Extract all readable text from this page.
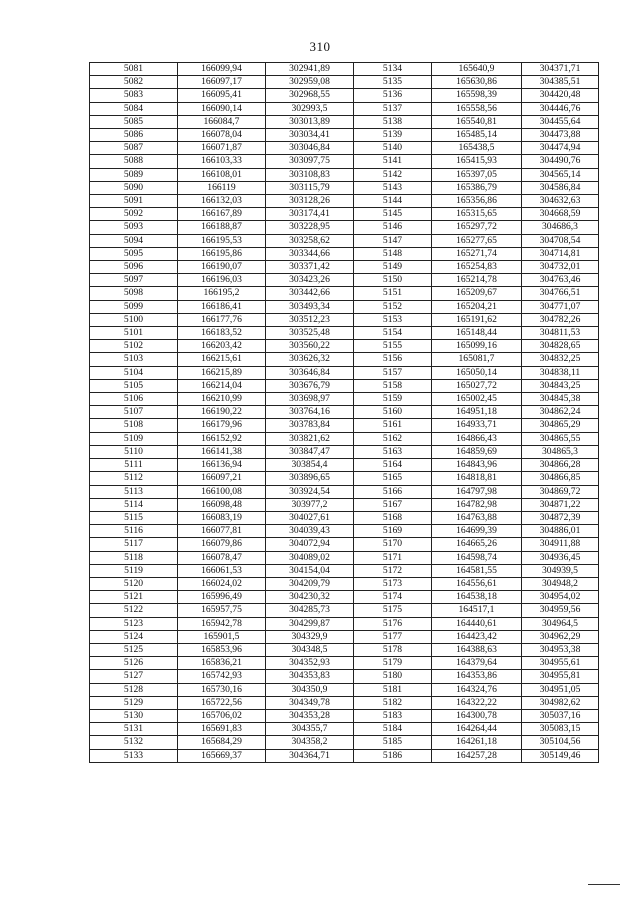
310
5081	166099,94	302941,89	5134	165640,9	304371,71
5082	166097,17	302959,08	5135	165630,86	304385,51
5083	166095,41	302968,55	5136	165598,39	304420,48
5084	166090,14	302993,5	5137	165558,56	304446,76
5085	166084,7	303013,89	5138	165540,81	304455,64
5086	166078,04	303034,41	5139	165485,14	304473,88
5087	166071,87	303046,84	5140	165438,5	304474,94
5088	166103,33	303097,75	5141	165415,93	304490,76
5089	166108,01	303108,83	5142	165397,05	304565,14
5090	166119	303115,79	5143	165386,79	304586,84
5091	166132,03	303128,26	5144	165356,86	304632,63
5092	166167,89	303174,41	5145	165315,65	304668,59
5093	166188,87	303228,95	5146	165297,72	304686,3
5094	166195,53	303258,62	5147	165277,65	304708,54
5095	166195,86	303344,66	5148	165271,74	304714,81
5096	166190,07	303371,42	5149	165254,83	304732,01
5097	166196,03	303423,26	5150	165214,78	304763,46
5098	166195,2	303442,66	5151	165209,67	304766,51
5099	166186,41	303493,34	5152	165204,21	304771,07
5100	166177,76	303512,23	5153	165191,62	304782,26
5101	166183,52	303525,48	5154	165148,44	304811,53
5102	166203,42	303560,22	5155	165099,16	304828,65
5103	166215,61	303626,32	5156	165081,7	304832,25
5104	166215,89	303646,84	5157	165050,14	304838,11
5105	166214,04	303676,79	5158	165027,72	304843,25
5106	166210,99	303698,97	5159	165002,45	304845,38
5107	166190,22	303764,16	5160	164951,18	304862,24
5108	166179,96	303783,84	5161	164933,71	304865,29
5109	166152,92	303821,62	5162	164866,43	304865,55
5110	166141,38	303847,47	5163	164859,69	304865,3
5111	166136,94	303854,4	5164	164843,96	304866,28
5112	166097,21	303896,65	5165	164818,81	304866,85
5113	166100,08	303924,54	5166	164797,98	304869,72
5114	166098,48	303977,2	5167	164782,98	304871,22
5115	166083,19	304027,61	5168	164763,88	304872,39
5116	166077,81	304039,43	5169	164699,39	304886,01
5117	166079,86	304072,94	5170	164665,26	304911,88
5118	166078,47	304089,02	5171	164598,74	304936,45
5119	166061,53	304154,04	5172	164581,55	304939,5
5120	166024,02	304209,79	5173	164556,61	304948,2
5121	165996,49	304230,32	5174	164538,18	304954,02
5122	165957,75	304285,73	5175	164517,1	304959,56
5123	165942,78	304299,87	5176	164440,61	304964,5
5124	165901,5	304329,9	5177	164423,42	304962,29
5125	165853,96	304348,5	5178	164388,63	304953,38
5126	165836,21	304352,93	5179	164379,64	304955,61
5127	165742,93	304353,83	5180	164353,86	304955,81
5128	165730,16	304350,9	5181	164324,76	304951,05
5129	165722,56	304349,78	5182	164322,22	304982,62
5130	165706,02	304353,28	5183	164300,78	305037,16
5131	165691,83	304355,7	5184	164264,44	305083,15
5132	165684,29	304358,2	5185	164261,18	305104,56
5133	165669,37	304364,71	5186	164257,28	305149,46
